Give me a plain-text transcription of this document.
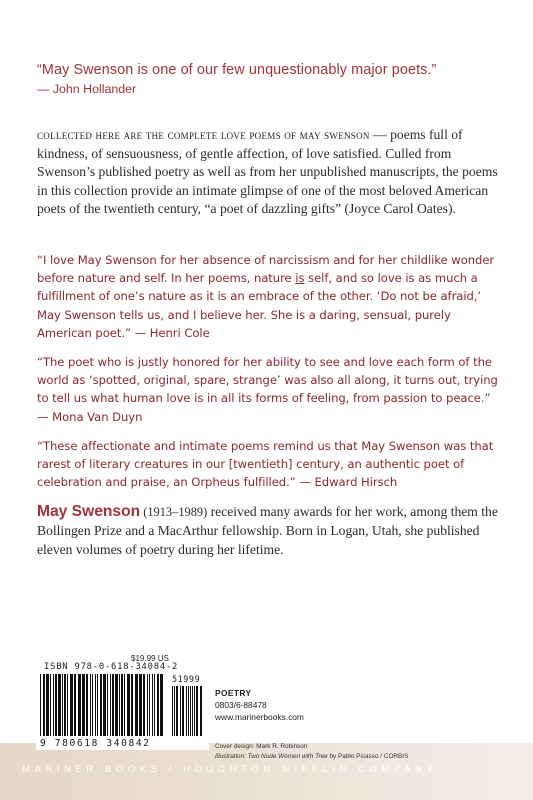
“May Swenson is one of our few unquestionably major poets.”
— John Hollander
collected here are the complete love poems of may swenson — poems full of kindness, of sensuousness, of gentle affection, of love satisfied. Culled from Swenson’s published poetry as well as from her unpublished manuscripts, the poems in this collection provide an intimate glimpse of one of the most beloved American poets of the twentieth century, “a poet of dazzling gifts” (Joyce Carol Oates).
“I love May Swenson for her absence of narcissism and for her childlike wonder before nature and self. In her poems, nature is self, and so love is as much a fulfillment of one’s nature as it is an embrace of the other. ‘Do not be afraid,’ May Swenson tells us, and I believe her. She is a daring, sensual, purely American poet.” — Henri Cole
“The poet who is justly honored for her ability to see and love each form of the world as ‘spotted, original, spare, strange’ was also all along, it turns out, trying to tell us what human love is in all its forms of feeling, from passion to peace.” — Mona Van Duyn
“These affectionate and intimate poems remind us that May Swenson was that rarest of literary creatures in our [twentieth] century, an authentic poet of celebration and praise, an Orpheus fulfilled.” — Edward Hirsch
May Swenson (1913–1989) received many awards for her work, among them the Bollingen Prize and a MacArthur fellowship. Born in Logan, Utah, she published eleven volumes of poetry during her lifetime.
MARINER BOOKS / HOUGHTON MIFFLIN COMPANY
$19.99 US
ISBN 978-0-618-34084-2
9 780618 340842
51999
POETRY
0803/6-88478
www.marinerbooks.com
Cover design: Mark R. Robinson
Illustration: Two Nude Women with Tree by Pablo Picasso / CORBIS
